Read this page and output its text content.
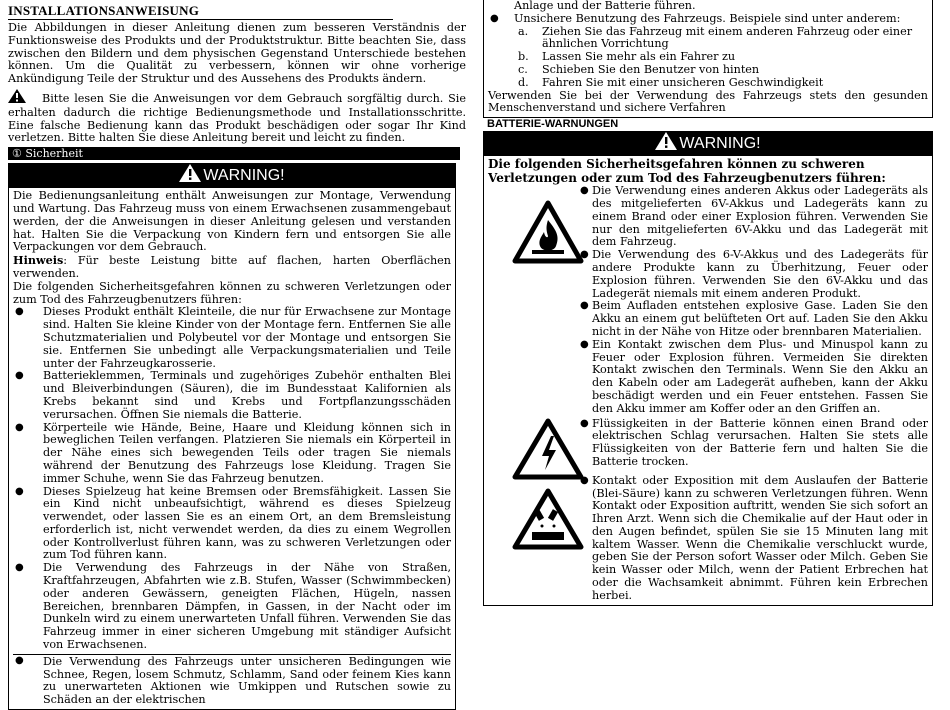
INSTALLATIONSANWEISUNG

Die Abbildungen in dieser Anleitung dienen zum besseren Verständnis der Funktionsweise des Produkts und der Produktstruktur. Bitte beachten Sie, dass zwischen den Bildern und dem physischen Gegenstand Unterschiede bestehen können. Um die Qualität zu verbessern, können wir ohne vorherige Ankündigung Teile der Struktur und des Aussehens des Produkts ändern.

Bitte lesen Sie die Anweisungen vor dem Gebrauch sorgfältig durch. Sie erhalten dadurch die richtige Bedienungsmethode und Installationsschritte. Eine falsche Bedienung kann das Produkt beschädigen oder sogar Ihr Kind verletzen. Bitte halten Sie diese Anleitung bereit und leicht zu finden.

① Sicherheit
WARNING!

Die Bedienungsanleitung enthält Anweisungen zur Montage, Verwendung und Wartung. Das Fahrzeug muss von einem Erwachsenen zusammengebaut werden, der die Anweisungen in dieser Anleitung gelesen und verstanden hat. Halten Sie die Verpackung von Kindern fern und entsorgen Sie alle Verpackungen vor dem Gebrauch.

Hinweis: Für beste Leistung bitte auf flachen, harten Oberflächen verwenden.

Die folgenden Sicherheitsgefahren können zu schweren Verletzungen oder zum Tod des Fahrzeugbenutzers führen:

● Dieses Produkt enthält Kleinteile, die nur für Erwachsene zur Montage sind. Halten Sie kleine Kinder von der Montage fern. Entfernen Sie alle Schutzmaterialien und Polybeutel vor der Montage und entsorgen Sie sie. Entfernen Sie unbedingt alle Verpackungsmaterialien und Teile unter der Fahrzeugkarosserie.
● Batterieklemmen, Terminals und zugehöriges Zubehör enthalten Blei und Bleiverbindungen (Säuren), die im Bundesstaat Kalifornien als Krebs bekannt sind und Krebs und Fortpflanzungsschäden verursachen. Öffnen Sie niemals die Batterie.
● Körperteile wie Hände, Beine, Haare und Kleidung können sich in beweglichen Teilen verfangen. Platzieren Sie niemals ein Körperteil in der Nähe eines sich bewegenden Teils oder tragen Sie niemals während der Benutzung des Fahrzeugs lose Kleidung. Tragen Sie immer Schuhe, wenn Sie das Fahrzeug benutzen.
● Dieses Spielzeug hat keine Bremsen oder Bremsfähigkeit. Lassen Sie ein Kind nicht unbeaufsichtigt, während es dieses Spielzeug verwendet, oder lassen Sie es an einem Ort, an dem Bremsleistung erforderlich ist, nicht verwendet werden, da dies zu einem Wegrollen oder Kontrollverlust führen kann, was zu schweren Verletzungen oder zum Tod führen kann.
● Die Verwendung des Fahrzeugs in der Nähe von Straßen, Kraftfahrzeugen, Abfahrten wie z.B. Stufen, Wasser (Schwimmbecken) oder anderen Gewässern, geneigten Flächen, Hügeln, nassen Bereichen, brennbaren Dämpfen, in Gassen, in der Nacht oder im Dunkeln wird zu einem unerwarteten Unfall führen. Verwenden Sie das Fahrzeug immer in einer sicheren Umgebung mit ständiger Aufsicht von Erwachsenen.
● Die Verwendung des Fahrzeugs unter unsicheren Bedingungen wie Schnee, Regen, losem Schmutz, Schlamm, Sand oder feinem Kies kann zu unerwarteten Aktionen wie Umkippen und Rutschen sowie zu Schäden an der elektrischen

Anlage und der Batterie führen.

● Unsichere Benutzung des Fahrzeugs. Beispiele sind unter anderem:
a. Ziehen Sie das Fahrzeug mit einem anderen Fahrzeug oder einer ähnlichen Vorrichtung
b. Lassen Sie mehr als ein Fahrer zu
c. Schieben Sie den Benutzer von hinten
d. Fahren Sie mit einer unsicheren Geschwindigkeit

Verwenden Sie bei der Verwendung des Fahrzeugs stets den gesunden Menschenverstand und sichere Verfahren

BATTERIE-WARNUNGEN
WARNING!

Die folgenden Sicherheitsgefahren können zu schweren Verletzungen oder zum Tod des Fahrzeugbenutzers führen:

● Die Verwendung eines anderen Akkus oder Ladegeräts als des mitgelieferten 6V-Akkus und Ladegeräts kann zu einem Brand oder einer Explosion führen. Verwenden Sie nur den mitgelieferten 6V-Akku und das Ladegerät mit dem Fahrzeug.
● Die Verwendung des 6-V-Akkus und des Ladegeräts für andere Produkte kann zu Überhitzung, Feuer oder Explosion führen. Verwenden Sie den 6V-Akku und das Ladegerät niemals mit einem anderen Produkt.
● Beim Aufladen entstehen explosive Gase. Laden Sie den Akku an einem gut belüfteten Ort auf. Laden Sie den Akku nicht in der Nähe von Hitze oder brennbaren Materialien.
● Ein Kontakt zwischen dem Plus- und Minuspol kann zu Feuer oder Explosion führen. Vermeiden Sie direkten Kontakt zwischen den Terminals. Wenn Sie den Akku an den Kabeln oder am Ladegerät aufheben, kann der Akku beschädigt werden und ein Feuer entstehen. Fassen Sie den Akku immer am Koffer oder an den Griffen an.
● Flüssigkeiten in der Batterie können einen Brand oder elektrischen Schlag verursachen. Halten Sie stets alle Flüssigkeiten von der Batterie fern und halten Sie die Batterie trocken.
● Kontakt oder Exposition mit dem Auslaufen der Batterie (Blei-Säure) kann zu schweren Verletzungen führen. Wenn Kontakt oder Exposition auftritt, wenden Sie sich sofort an Ihren Arzt. Wenn sich die Chemikalie auf der Haut oder in den Augen befindet, spülen Sie sie 15 Minuten lang mit kaltem Wasser. Wenn die Chemikalie verschluckt wurde, geben Sie der Person sofort Wasser oder Milch. Geben Sie kein Wasser oder Milch, wenn der Patient Erbrechen hat oder die Wachsamkeit abnimmt. Führen kein Erbrechen herbei.
